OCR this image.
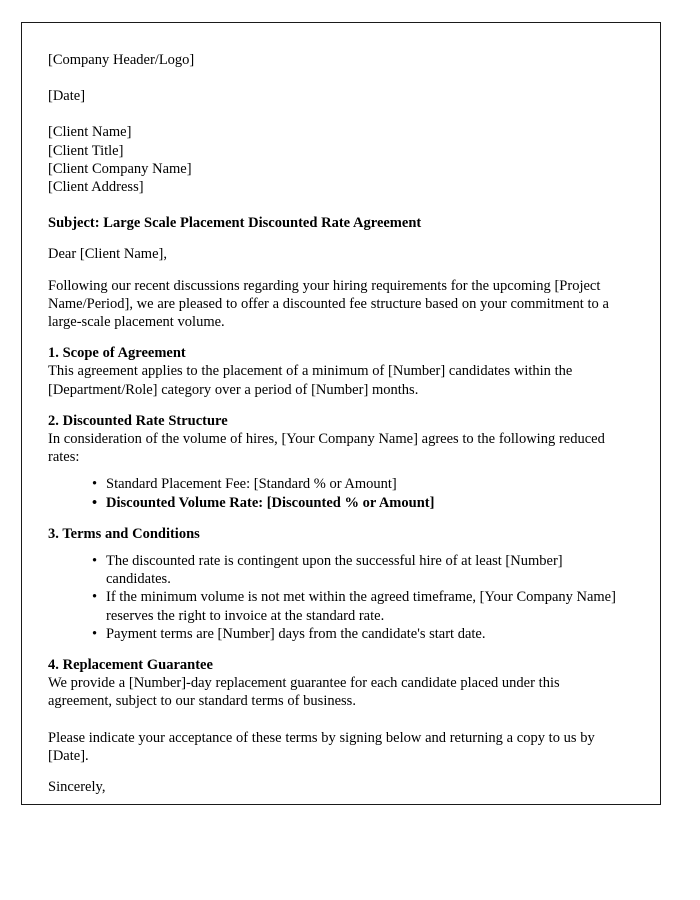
[Company Header/Logo]
[Date]
[Client Name]
[Client Title]
[Client Company Name]
[Client Address]
Subject: Large Scale Placement Discounted Rate Agreement
Dear [Client Name],
Following our recent discussions regarding your hiring requirements for the upcoming [Project Name/Period], we are pleased to offer a discounted fee structure based on your commitment to a large-scale placement volume.
1. Scope of Agreement
This agreement applies to the placement of a minimum of [Number] candidates within the [Department/Role] category over a period of [Number] months.
2. Discounted Rate Structure
In consideration of the volume of hires, [Your Company Name] agrees to the following reduced rates:
• Standard Placement Fee: [Standard % or Amount]
• Discounted Volume Rate: [Discounted % or Amount]
3. Terms and Conditions
• The discounted rate is contingent upon the successful hire of at least [Number] candidates.
• If the minimum volume is not met within the agreed timeframe, [Your Company Name] reserves the right to invoice at the standard rate.
• Payment terms are [Number] days from the candidate's start date.
4. Replacement Guarantee
We provide a [Number]-day replacement guarantee for each candidate placed under this agreement, subject to our standard terms of business.
Please indicate your acceptance of these terms by signing below and returning a copy to us by [Date].
Sincerely,
